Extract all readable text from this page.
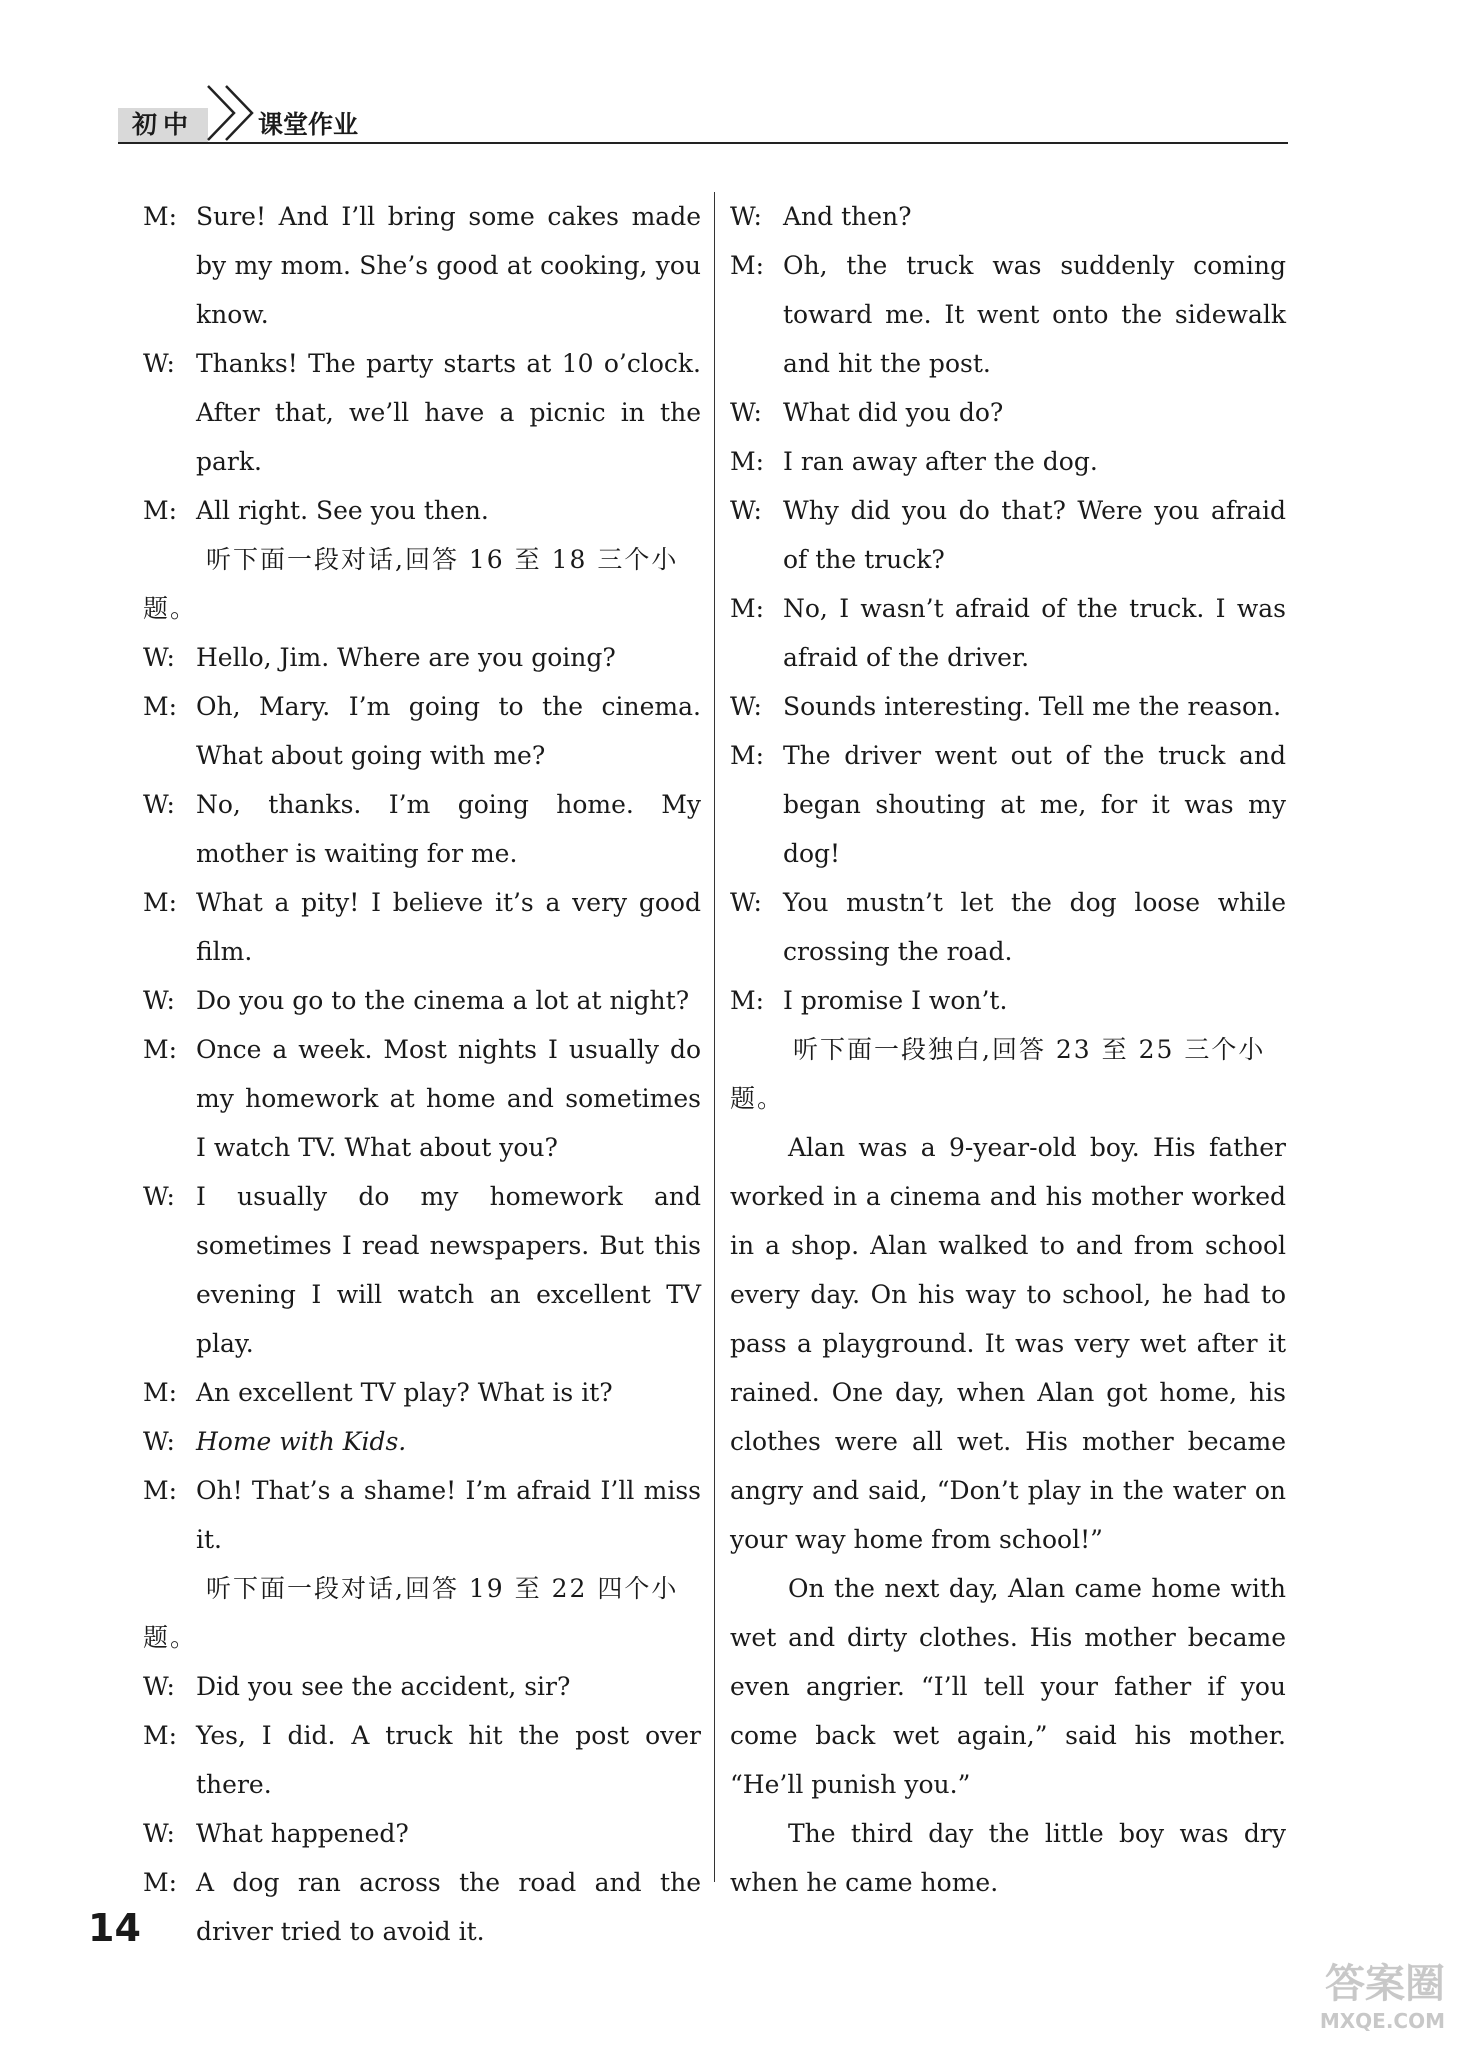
初中	课堂作业
M: Sure! And I’ll bring some cakes made by my mom. She’s good at cooking, you know.
W: Thanks! The party starts at 10 o’clock. After that, we’ll have a picnic in the park.
M: All right. See you then.
听下面一段对话,回答 16 至 18 三个小题。
W: Hello, Jim. Where are you going?
M: Oh, Mary. I’m going to the cinema. What about going with me?
W: No, thanks. I’m going home. My mother is waiting for me.
M: What a pity! I believe it’s a very good film.
W: Do you go to the cinema a lot at night?
M: Once a week. Most nights I usually do my homework at home and sometimes I watch TV. What about you?
W: I usually do my homework and sometimes I read newspapers. But this evening I will watch an excellent TV play.
M: An excellent TV play? What is it?
W: Home with Kids.
M: Oh! That’s a shame! I’m afraid I’ll miss it.
听下面一段对话,回答 19 至 22 四个小题。
W: Did you see the accident, sir?
M: Yes, I did. A truck hit the post over there.
W: What happened?
M: A dog ran across the road and the driver tried to avoid it.
W: And then?
M: Oh, the truck was suddenly coming toward me. It went onto the sidewalk and hit the post.
W: What did you do?
M: I ran away after the dog.
W: Why did you do that? Were you afraid of the truck?
M: No, I wasn’t afraid of the truck. I was afraid of the driver.
W: Sounds interesting. Tell me the reason.
M: The driver went out of the truck and began shouting at me, for it was my dog!
W: You mustn’t let the dog loose while crossing the road.
M: I promise I won’t.
听下面一段独白,回答 23 至 25 三个小题。
Alan was a 9-year-old boy. His father worked in a cinema and his mother worked in a shop. Alan walked to and from school every day. On his way to school, he had to pass a playground. It was very wet after it rained. One day, when Alan got home, his clothes were all wet. His mother became angry and said, “Don’t play in the water on your way home from school!”
On the next day, Alan came home with wet and dirty clothes. His mother became even angrier. “I’ll tell your father if you come back wet again,” said his mother. “He’ll punish you.”
The third day the little boy was dry when he came home.
14
答案圈
MXQE.COM
